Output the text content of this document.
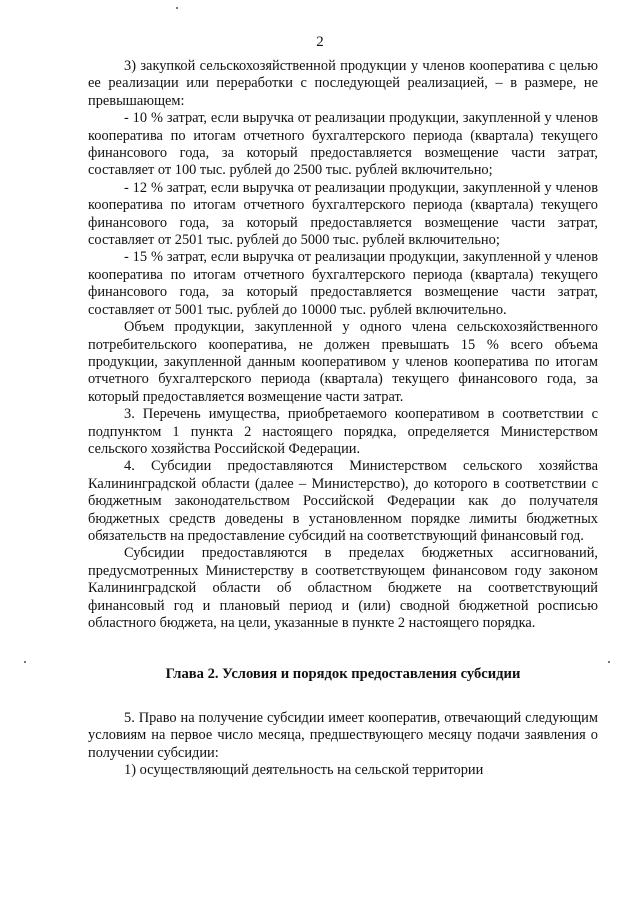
2

3) закупкой сельскохозяйственной продукции у членов кооператива с целью ее реализации или переработки с последующей реализацией, – в размере, не превышающем:

- 10 % затрат, если выручка от реализации продукции, закупленной у членов кооператива по итогам отчетного бухгалтерского периода (квартала) текущего финансового года, за который предоставляется возмещение части затрат, составляет от 100 тыс. рублей до 2500 тыс. рублей включительно;

- 12 % затрат, если выручка от реализации продукции, закупленной у членов кооператива по итогам отчетного бухгалтерского периода (квартала) текущего финансового года, за который предоставляется возмещение части затрат, составляет от 2501 тыс. рублей до 5000 тыс. рублей включительно;

- 15 % затрат, если выручка от реализации продукции, закупленной у членов кооператива по итогам отчетного бухгалтерского периода (квартала) текущего финансового года, за который предоставляется возмещение части затрат, составляет от 5001 тыс. рублей до 10000 тыс. рублей включительно.

Объем продукции, закупленной у одного члена сельскохозяйственного потребительского кооператива, не должен превышать 15 % всего объема продукции, закупленной данным кооперативом у членов кооператива по итогам отчетного бухгалтерского периода (квартала) текущего финансового года, за который предоставляется возмещение части затрат.

3. Перечень имущества, приобретаемого кооперативом в соответствии с подпунктом 1 пункта 2 настоящего порядка, определяется Министерством сельского хозяйства Российской Федерации.

4. Субсидии предоставляются Министерством сельского хозяйства Калининградской области (далее – Министерство), до которого в соответствии с бюджетным законодательством Российской Федерации как до получателя бюджетных средств доведены в установленном порядке лимиты бюджетных обязательств на предоставление субсидий на соответствующий финансовый год.

Субсидии предоставляются в пределах бюджетных ассигнований, предусмотренных Министерству в соответствующем финансовом году законом Калининградской области об областном бюджете на соответствующий финансовый год и плановый период и (или) сводной бюджетной росписью областного бюджета, на цели, указанные в пункте 2 настоящего порядка.

Глава 2. Условия и порядок предоставления субсидии

5. Право на получение субсидии имеет кооператив, отвечающий следующим условиям на первое число месяца, предшествующего месяцу подачи заявления о получении субсидии:

1) осуществляющий деятельность на сельской территории
